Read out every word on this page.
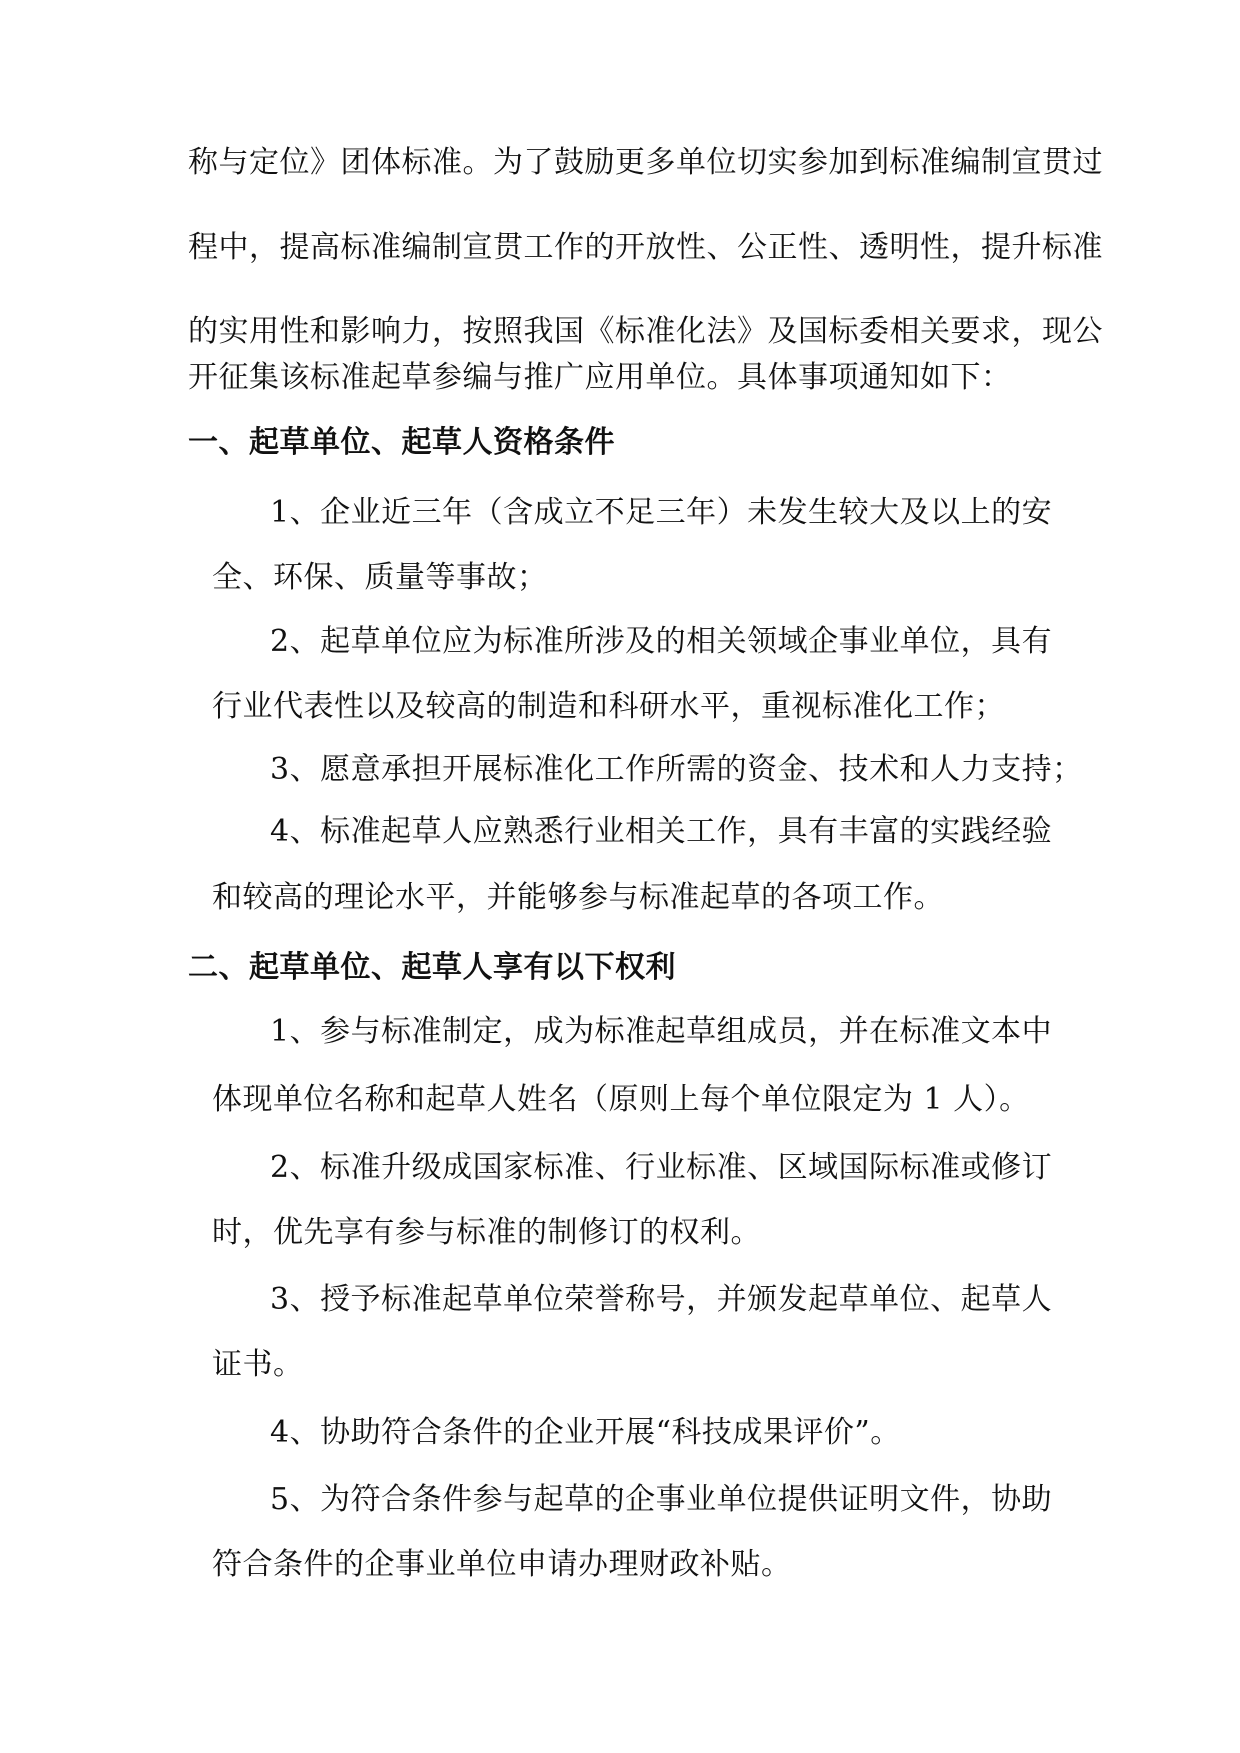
称与定位》团体标准。为了鼓励更多单位切实参加到标准编制宣贯过
程中，提高标准编制宣贯工作的开放性、公正性、透明性，提升标准
的实用性和影响力，按照我国《标准化法》及国标委相关要求，现公
开征集该标准起草参编与推广应用单位。具体事项通知如下：
一、起草单位、起草人资格条件
1、企业近三年（含成立不足三年）未发生较大及以上的安
全、环保、质量等事故；
2、起草单位应为标准所涉及的相关领域企事业单位，具有
行业代表性以及较高的制造和科研水平，重视标准化工作；
3、愿意承担开展标准化工作所需的资金、技术和人力支持；
4、标准起草人应熟悉行业相关工作，具有丰富的实践经验
和较高的理论水平，并能够参与标准起草的各项工作。
二、起草单位、起草人享有以下权利
1、参与标准制定，成为标准起草组成员，并在标准文本中
体现单位名称和起草人姓名（原则上每个单位限定为 1 人）。
2、标准升级成国家标准、行业标准、区域国际标准或修订
时，优先享有参与标准的制修订的权利。
3、授予标准起草单位荣誉称号，并颁发起草单位、起草人
证书。
4、协助符合条件的企业开展“科技成果评价”。
5、为符合条件参与起草的企事业单位提供证明文件，协助
符合条件的企事业单位申请办理财政补贴。
